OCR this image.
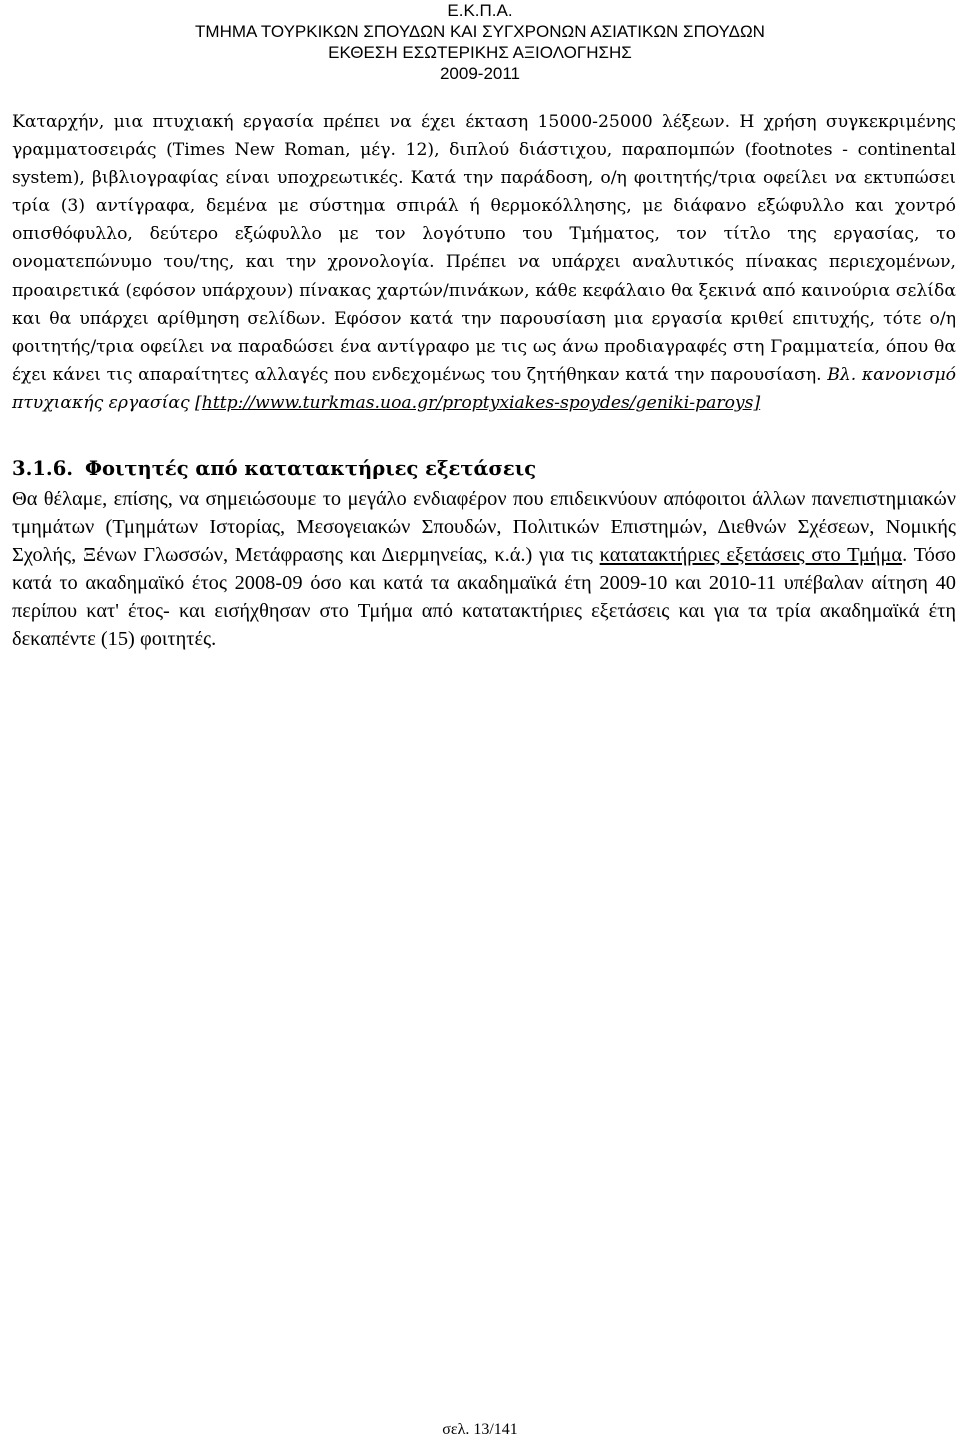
Ε.Κ.Π.Α.
ΤΜΗΜΑ ΤΟΥΡΚΙΚΩΝ ΣΠΟΥΔΩΝ ΚΑΙ ΣΥΓΧΡΟΝΩΝ ΑΣΙΑΤΙΚΩΝ ΣΠΟΥΔΩΝ
ΕΚΘΕΣΗ ΕΣΩΤΕΡΙΚΗΣ ΑΞΙΟΛΟΓΗΣΗΣ
2009-2011

Καταρχήν, μια πτυχιακή εργασία πρέπει να έχει έκταση 15000-25000 λέξεων. Η χρήση συγκεκριμένης γραμματοσειράς (Times New Roman, μέγ. 12), διπλού διάστιχου, παραπομπών (footnotes - continental system), βιβλιογραφίας είναι υποχρεωτικές. Κατά την παράδοση, ο/η φοιτητής/τρια οφείλει να εκτυπώσει τρία (3) αντίγραφα, δεμένα με σύστημα σπιράλ ή θερμοκόλλησης, με διάφανο εξώφυλλο και χοντρό οπισθόφυλλο, δεύτερο εξώφυλλο με τον λογότυπο του Τμήματος, τον τίτλο της εργασίας, το ονοματεπώνυμο του/της, και την χρονολογία. Πρέπει να υπάρχει αναλυτικός πίνακας περιεχομένων, προαιρετικά (εφόσον υπάρχουν) πίνακας χαρτών/πινάκων, κάθε κεφάλαιο θα ξεκινά από καινούρια σελίδα και θα υπάρχει αρίθμηση σελίδων. Εφόσον κατά την παρουσίαση μια εργασία κριθεί επιτυχής, τότε ο/η φοιτητής/τρια οφείλει να παραδώσει ένα αντίγραφο με τις ως άνω προδιαγραφές στη Γραμματεία, όπου θα έχει κάνει τις απαραίτητες αλλαγές που ενδεχομένως του ζητήθηκαν κατά την παρουσίαση. Βλ. κανονισμό πτυχιακής εργασίας [http://www.turkmas.uoa.gr/proptyxiakes-spoydes/geniki-paroys]

3.1.6. Φοιτητές από κατατακτήριες εξετάσεις

Θα θέλαμε, επίσης, να σημειώσουμε το μεγάλο ενδιαφέρον που επιδεικνύουν απόφοιτοι άλλων πανεπιστημιακών τμημάτων (Τμημάτων Ιστορίας, Μεσογειακών Σπουδών, Πολιτικών Επιστημών, Διεθνών Σχέσεων, Νομικής Σχολής, Ξένων Γλωσσών, Μετάφρασης και Διερμηνείας, κ.ά.) για τις κατατακτήριες εξετάσεις στο Τμήμα. Τόσο κατά το ακαδημαϊκό έτος 2008-09 όσο και κατά τα ακαδημαϊκά έτη 2009-10 και 2010-11 υπέβαλαν αίτηση 40 περίπου κατ' έτος- και εισήχθησαν στο Τμήμα από κατατακτήριες εξετάσεις και για τα τρία ακαδημαϊκά έτη δεκαπέντε (15) φοιτητές.

σελ. 13/141
